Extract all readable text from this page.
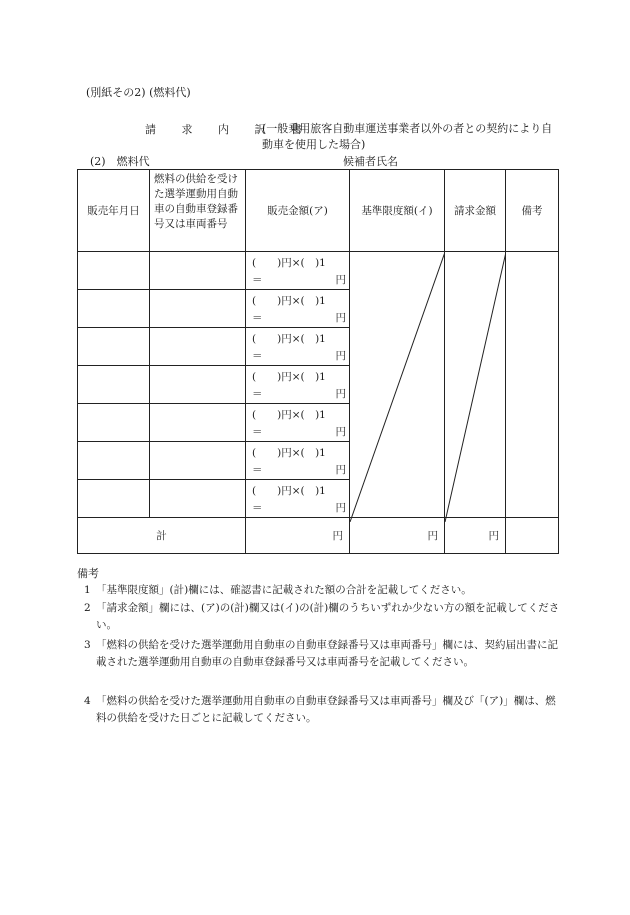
(別紙その2) (燃料代)
請 求 内 訳 書
(一般乗用旅客自動車運送事業者以外の者との契約により自動車を使用した場合)
(2)　燃料代	候補者氏名
販売年月日	燃料の供給を受けた選挙運動用自動車の自動車登録番号又は車両番号	販売金額(ア)	基準限度額(イ)	請求金額	備考

		(　　)円×(　)1
＝ 円

		(　　)円×(　)1
＝ 円			

		(　　)円×(　)1
＝ 円			

		(　　)円×(　)1
＝ 円			

		(　　)円×(　)1
＝ 円			

		(　　)円×(　)1
＝ 円			

		(　　)円×(　)1
＝ 円			

計		円	円	円	
備考
1 「基準限度額」(計)欄には、確認書に記載された額の合計を記載してください。
2 「請求金額」欄には、(ア)の(計)欄又は(イ)の(計)欄のうちいずれか少ない方の額を記載してください。
3 「燃料の供給を受けた選挙運動用自動車の自動車登録番号又は車両番号」欄には、契約届出書に記載された選挙運動用自動車の自動車登録番号又は車両番号を記載してください。
4 「燃料の供給を受けた選挙運動用自動車の自動車登録番号又は車両番号」欄及び「(ア)」欄は、燃料の供給を受けた日ごとに記載してください。
